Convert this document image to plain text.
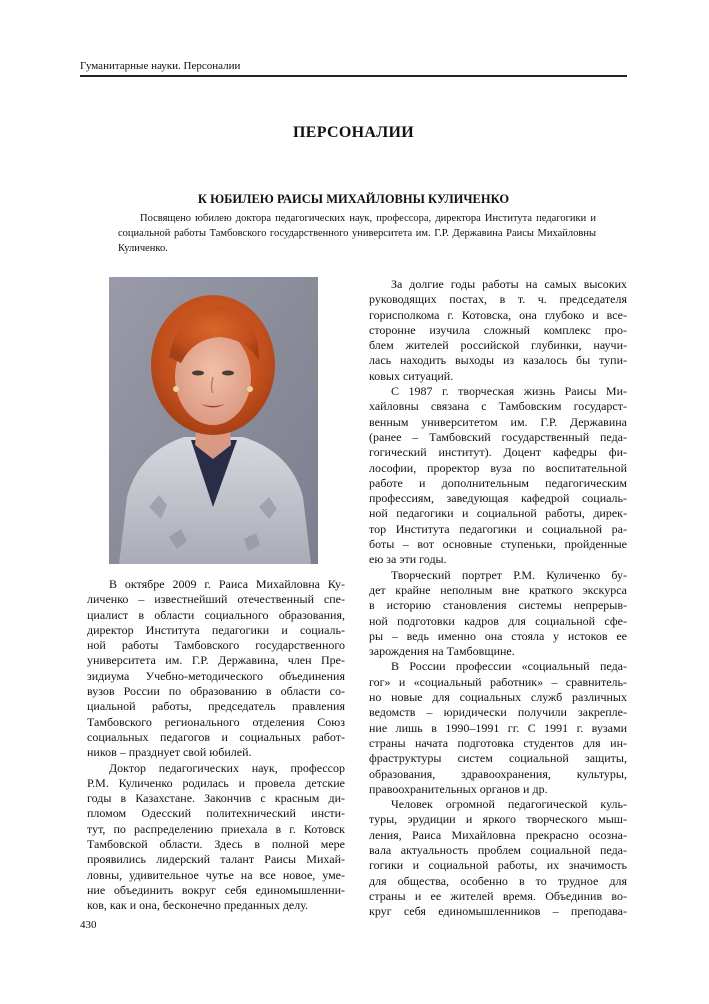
Гуманитарные науки. Персоналии
ПЕРСОНАЛИИ
К ЮБИЛЕЮ РАИСЫ МИХАЙЛОВНЫ КУЛИЧЕНКО
Посвящено юбилею доктора педагогических наук, профессора, директора Института педагогики и социальной работы Тамбовского государственного университета им. Г.Р. Державина Раисы Михайловны Куличенко.
В октябре 2009 г. Раиса Михайловна Ку-
личенко – известнейший отечественный спе-
циалист в области социального образования,
директор Института педагогики и социаль-
ной работы Тамбовского государственного
университета им. Г.Р. Державина, член Пре-
зидиума Учебно-методического объединения
вузов России по образованию в области со-
циальной работы, председатель правления
Тамбовского регионального отделения Союз
социальных педагогов и социальных работ-
ников – празднует свой юбилей.
Доктор педагогических наук, профессор
Р.М. Куличенко родилась и провела детские
годы в Казахстане. Закончив с красным ди-
пломом Одесский политехнический инсти-
тут, по распределению приехала в г. Котовск
Тамбовской области. Здесь в полной мере
проявились лидерский талант Раисы Михай-
ловны, удивительное чутье на все новое, уме-
ние объединить вокруг себя единомышленни-
ков, как и она, бесконечно преданных делу.
За долгие годы работы на самых высоких
руководящих постах, в т. ч. председателя
горисполкома г. Котовска, она глубоко и все-
сторонне изучила сложный комплекс про-
блем жителей российской глубинки, научи-
лась находить выходы из казалось бы тупи-
ковых ситуаций.
С 1987 г. творческая жизнь Раисы Ми-
хайловны связана с Тамбовским государст-
венным университетом им. Г.Р. Державина
(ранее – Тамбовский государственный педа-
гогический институт). Доцент кафедры фи-
лософии, проректор вуза по воспитательной
работе и дополнительным педагогическим
профессиям, заведующая кафедрой социаль-
ной педагогики и социальной работы, дирек-
тор Института педагогики и социальной ра-
боты – вот основные ступеньки, пройденные
ею за эти годы.
Творческий портрет Р.М. Куличенко бу-
дет крайне неполным вне краткого экскурса
в историю становления системы непрерыв-
ной подготовки кадров для социальной сфе-
ры – ведь именно она стояла у истоков ее
зарождения на Тамбовщине.
В России профессии «социальный педа-
гог» и «социальный работник» – сравнитель-
но новые для социальных служб различных
ведомств – юридически получили закрепле-
ние лишь в 1990–1991 гг. С 1991 г. вузами
страны начата подготовка студентов для ин-
фраструктуры систем социальной защиты,
образования, здравоохранения, культуры,
правоохранительных органов и др.
Человек огромной педагогической куль-
туры, эрудиции и яркого творческого мыш-
ления, Раиса Михайловна прекрасно осозна-
вала актуальность проблем социальной педа-
гогики и социальной работы, их значимость
для общества, особенно в то трудное для
страны и ее жителей время. Объединив во-
круг себя единомышленников – преподава-
430
